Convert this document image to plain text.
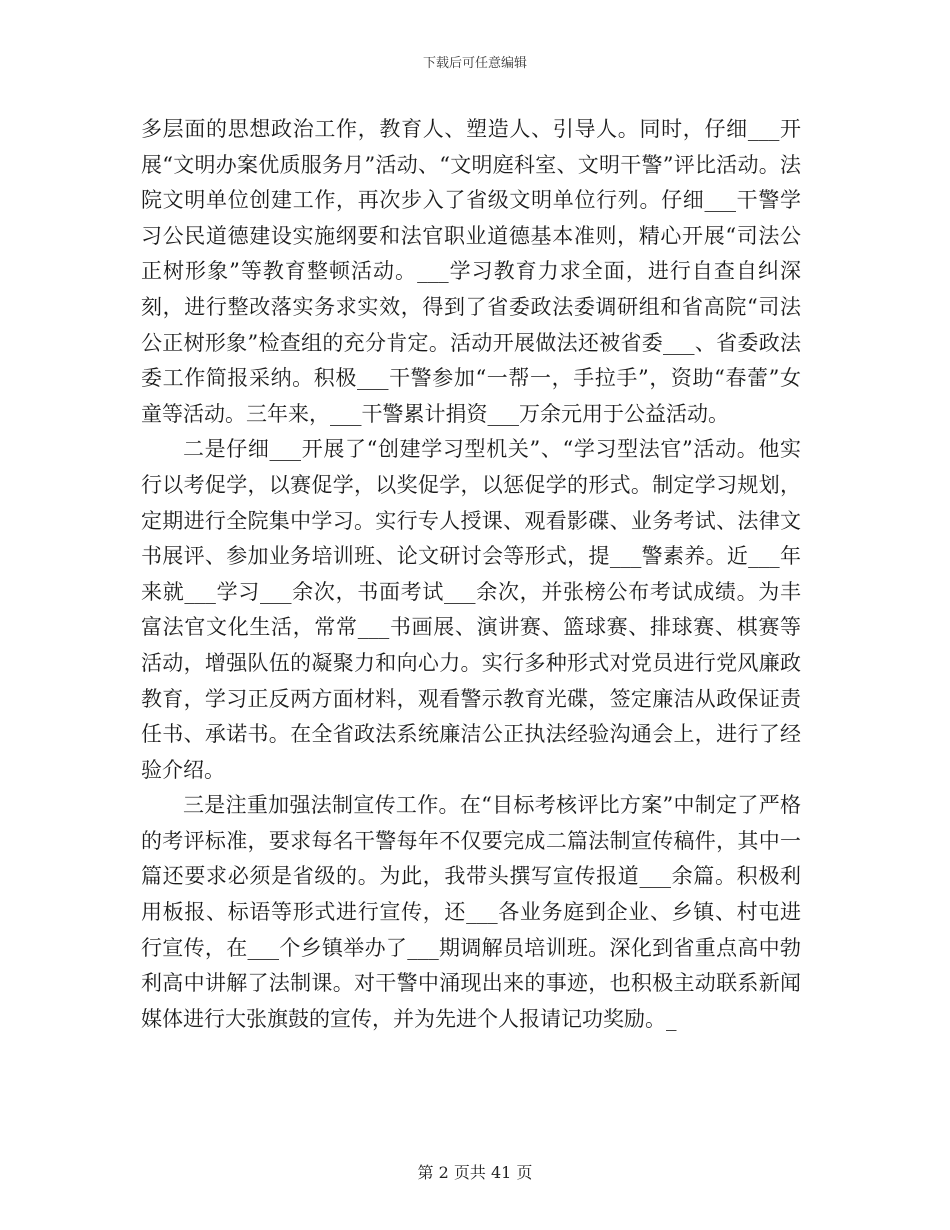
下载后可任意编辑

多层面的思想政治工作，教育人、塑造人、引导人。同时，仔细___开展“文明办案优质服务月”活动、“文明庭科室、文明干警”评比活动。法院文明单位创建工作，再次步入了省级文明单位行列。仔细___干警学习公民道德建设实施纲要和法官职业道德基本准则，精心开展“司法公正树形象”等教育整顿活动。___学习教育力求全面，进行自查自纠深刻，进行整改落实务求实效，得到了省委政法委调研组和省高院“司法公正树形象”检查组的充分肯定。活动开展做法还被省委___、省委政法委工作简报采纳。积极___干警参加“一帮一，手拉手”，资助“春蕾”女童等活动。三年来，___干警累计捐资___万余元用于公益活动。

二是仔细___开展了“创建学习型机关”、“学习型法官”活动。他实行以考促学，以赛促学，以奖促学，以惩促学的形式。制定学习规划，定期进行全院集中学习。实行专人授课、观看影碟、业务考试、法律文书展评、参加业务培训班、论文研讨会等形式，提___警素养。近___年来就___学习___余次，书面考试___余次，并张榜公布考试成绩。为丰富法官文化生活，常常___书画展、演讲赛、篮球赛、排球赛、棋赛等活动，增强队伍的凝聚力和向心力。实行多种形式对党员进行党风廉政教育，学习正反两方面材料，观看警示教育光碟，签定廉洁从政保证责任书、承诺书。在全省政法系统廉洁公正执法经验沟通会上，进行了经验介绍。

三是注重加强法制宣传工作。在“目标考核评比方案”中制定了严格的考评标准，要求每名干警每年不仅要完成二篇法制宣传稿件，其中一篇还要求必须是省级的。为此，我带头撰写宣传报道___余篇。积极利用板报、标语等形式进行宣传，还___各业务庭到企业、乡镇、村屯进行宣传，在___个乡镇举办了___期调解员培训班。深化到省重点高中勃利高中讲解了法制课。对干警中涌现出来的事迹，也积极主动联系新闻媒体进行大张旗鼓的宣传，并为先进个人报请记功奖励。_

第 2 页共 41 页
